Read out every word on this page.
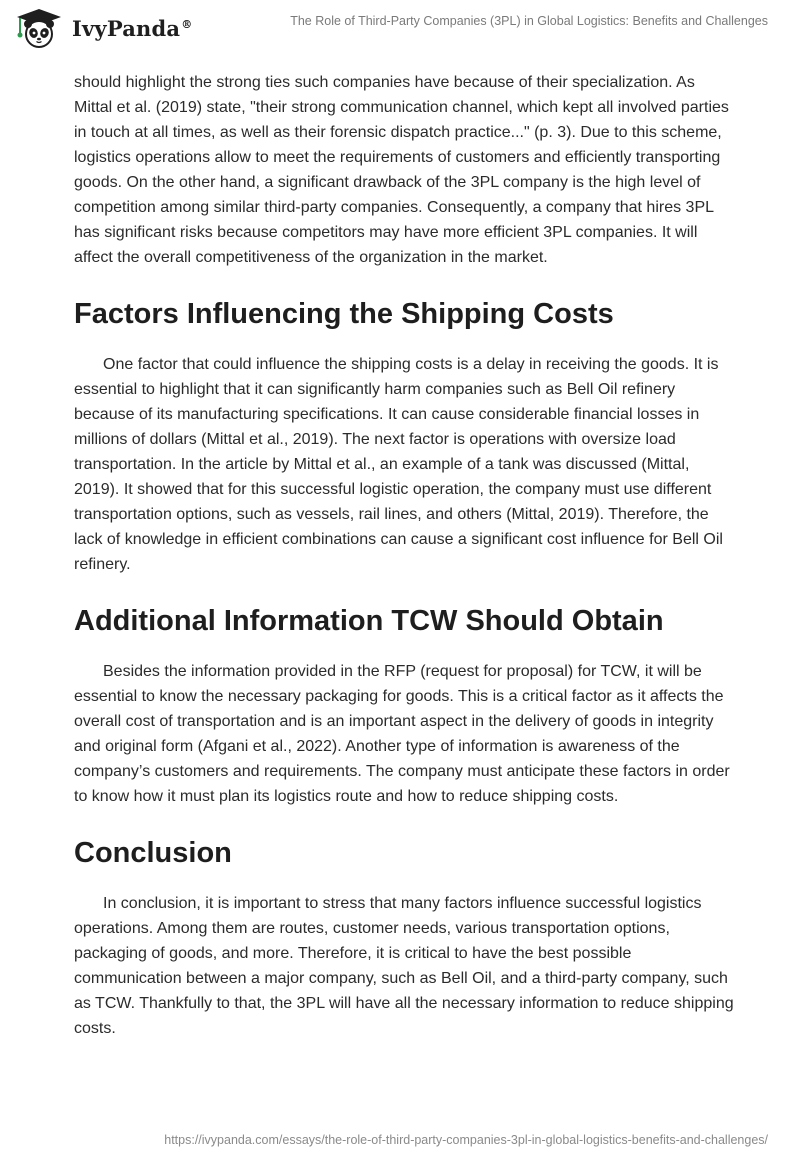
IvyPanda®	The Role of Third-Party Companies (3PL) in Global Logistics: Benefits and Challenges

should highlight the strong ties such companies have because of their specialization. As Mittal et al. (2019) state, "their strong communication channel, which kept all involved parties in touch at all times, as well as their forensic dispatch practice..." (p. 3). Due to this scheme, logistics operations allow to meet the requirements of customers and efficiently transporting goods. On the other hand, a significant drawback of the 3PL company is the high level of competition among similar third-party companies. Consequently, a company that hires 3PL has significant risks because competitors may have more efficient 3PL companies. It will affect the overall competitiveness of the organization in the market.

Factors Influencing the Shipping Costs

One factor that could influence the shipping costs is a delay in receiving the goods. It is essential to highlight that it can significantly harm companies such as Bell Oil refinery because of its manufacturing specifications. It can cause considerable financial losses in millions of dollars (Mittal et al., 2019). The next factor is operations with oversize load transportation. In the article by Mittal et al., an example of a tank was discussed (Mittal, 2019). It showed that for this successful logistic operation, the company must use different transportation options, such as vessels, rail lines, and others (Mittal, 2019). Therefore, the lack of knowledge in efficient combinations can cause a significant cost influence for Bell Oil refinery.

Additional Information TCW Should Obtain

Besides the information provided in the RFP (request for proposal) for TCW, it will be essential to know the necessary packaging for goods. This is a critical factor as it affects the overall cost of transportation and is an important aspect in the delivery of goods in integrity and original form (Afgani et al., 2022). Another type of information is awareness of the company’s customers and requirements. The company must anticipate these factors in order to know how it must plan its logistics route and how to reduce shipping costs.

Conclusion

In conclusion, it is important to stress that many factors influence successful logistics operations. Among them are routes, customer needs, various transportation options, packaging of goods, and more. Therefore, it is critical to have the best possible communication between a major company, such as Bell Oil, and a third-party company, such as TCW. Thankfully to that, the 3PL will have all the necessary information to reduce shipping costs.

https://ivypanda.com/essays/the-role-of-third-party-companies-3pl-in-global-logistics-benefits-and-challenges/
